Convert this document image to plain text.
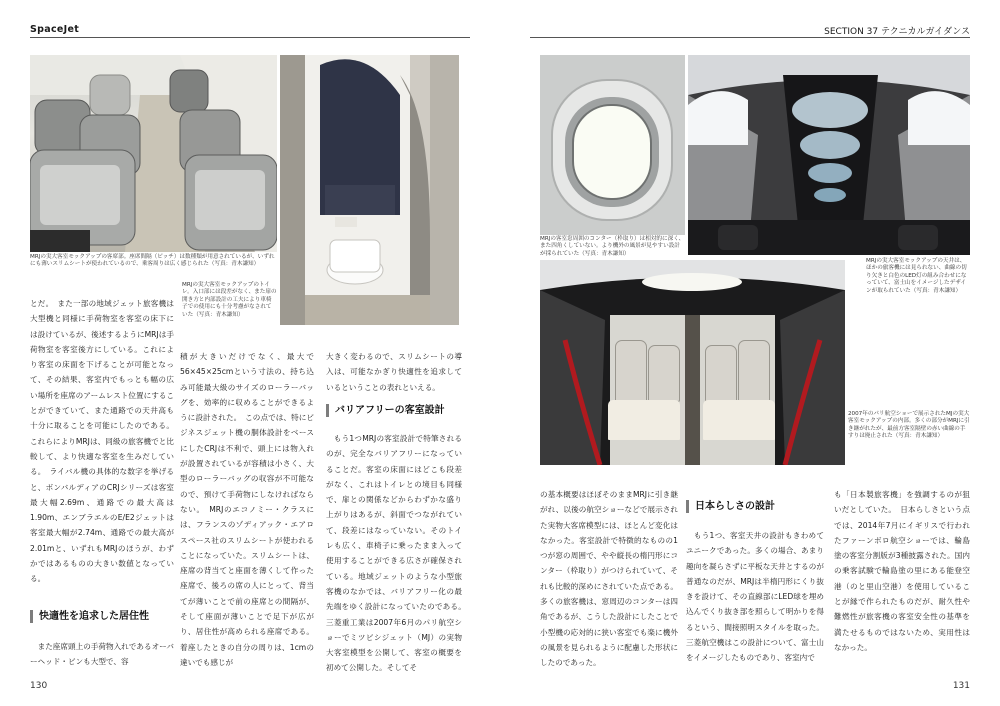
SpaceJet	SECTION 37 テクニカルガイダンス
MRJの実大客室モックアップの客席部。座席間隔（ピッチ）は数種類が用意されているが、いずれにも薄いスリムシートが使われているので、乗客周りは広く感じられた（写真：青木謙知）
MRJの実大客室モックアップのトイレ。入口部には段差がなく、また扉の開き方と内部設計の工夫により車椅子での使用にも十分考慮がなされていた（写真：青木謙知）
MRJの客室窓周囲のコンター（枠取り）は相対的に深く、また四角くしていない。より機外の風景が見やすい設計が採られていた（写真：青木謙知）
MRJの実大客室モックアップの天井は、ほかの旅客機には見られない、曲線の切り欠きと白色のLED灯の組み合わせになっていて、富士山をイメージしたデザインが取られていた（写真：青木謙知）
2007年のパリ航空ショーで展示されたMJの実大客室モックアップの内部。多くの部分がMRJに引き継がれたが、最前方客室隔壁の赤い曲線の手すりは廃止された（写真：青木謙知）

とだ。　また一部の地域ジェット旅客機は大型機と同様に手荷物室を客室の床下には設けているが、後述するようにMRJは手荷物室を客室後方にしている。これにより客室の床面を下げることが可能となって、その結果、客室内でもっとも幅の広い場所を座席のアームレスト位置にすることができていて、また通路での天井高も十分に取ることを可能にしたのである。これらによりMRJは、同級の旅客機でと比較して、より快適な客室を生みだしている。　ライバル機の具体的な数字を挙げると、ボンバルディアのCRJシリーズは客室最大幅2.69m、通路での最大高は1.90m、エンブラエルのE/E2ジェットは客室最大幅が2.74m、通路での最大高が2.01mと、いずれもMRJのほうが、わずかではあるものの大きい数値となっている。

快適性を追求した居住性

　また座席頭上の手荷物入れであるオーバーヘッド・ビンも大型で、容

積が大きいだけでなく、最大で56×45×25cmという寸法の、持ち込み可能最大級のサイズのローラーバッグを、効率的に収めることができるように設計された。　この点では、特にビジネスジェット機の胴体設計をベースにしたCRJは不利で、頭上には物入れが設置されているが容積は小さく、大型のローラーバッグの収容が不可能なので、預けて手荷物にしなければならない。　MRJのエコノミー・クラスには、フランスのゾディアック・エアロスペース社のスリムシートが使われることになっていた。スリムシートは、座席の背当てと座面を薄くして作った座席で、後ろの席の人にとって、背当てが薄いことで前の座席との間隔が、そして座面が薄いことで足下が広がり、居住性が高められる座席である。着座したときの自分の周りは、1cmの違いでも感じが

大きく変わるので、スリムシートの導入は、可能なかぎり快適性を追求しているということの表れといえる。

バリアフリーの客室設計

　もう1つMRJの客室設計で特筆されるのが、完全なバリアフリーになっていることだ。客室の床面にはどこも段差がなく、これはトイレとの境目も同様で、扉との関係などからわずかな盛り上がりはあるが、斜面でつながれていて、段差にはなっていない。そのトイレも広く、車椅子に乗ったまま入って使用することができる広さが確保されている。地域ジェットのような小型旅客機のなかでは、バリアフリー化の最先端をゆく設計になっていたのである。　三菱重工業は2007年6月のパリ航空ショーでミツビシジェット（MJ）の実物大客室模型を公開して、客室の概要を初めて公開した。そしてそ

の基本概要はほぼそのままMRJに引き継がれ、以後の航空ショーなどで展示された実物大客席模型には、ほとんど変化はなかった。客室設計で特徴的なものの1つが窓の周囲で、やや縦長の楕円形にコンター（枠取り）がつけられていて、それも比較的深めにされていた点である。多くの旅客機は、窓周辺のコンターは四角であるが、こうした設計にしたことで小型機の応対的に狭い客室でも楽に機外の風景を見られるように配慮した形状にしたのであった。

日本らしさの設計

　もう1つ、客室天井の設計もきわめてユニークであった。多くの場合、あまり趣向を凝らさずに平板な天井とするのが普通なのだが、MRJは半楕円形にくり抜きを設けて、その直線部にLED球を埋め込んでくり抜き部を照らして明かりを得るという、間接照明スタイルを取った。三菱航空機はこの設計について、富士山をイメージしたものであり、客室内で

も「日本製旅客機」を強調するのが狙いだとしていた。　日本らしさという点では、2014年7月にイギリスで行われたファーンボロ航空ショーでは、輪島塗の客室分割版が3種披露された。国内の乗客試験で輪島塗の里にある能登空港（のと里山空港）を使用していることが縁で作られたものだが、耐久性や難燃性が旅客機の客室安全性の基準を満たせるものではないため、実用性はなかった。

130	131
